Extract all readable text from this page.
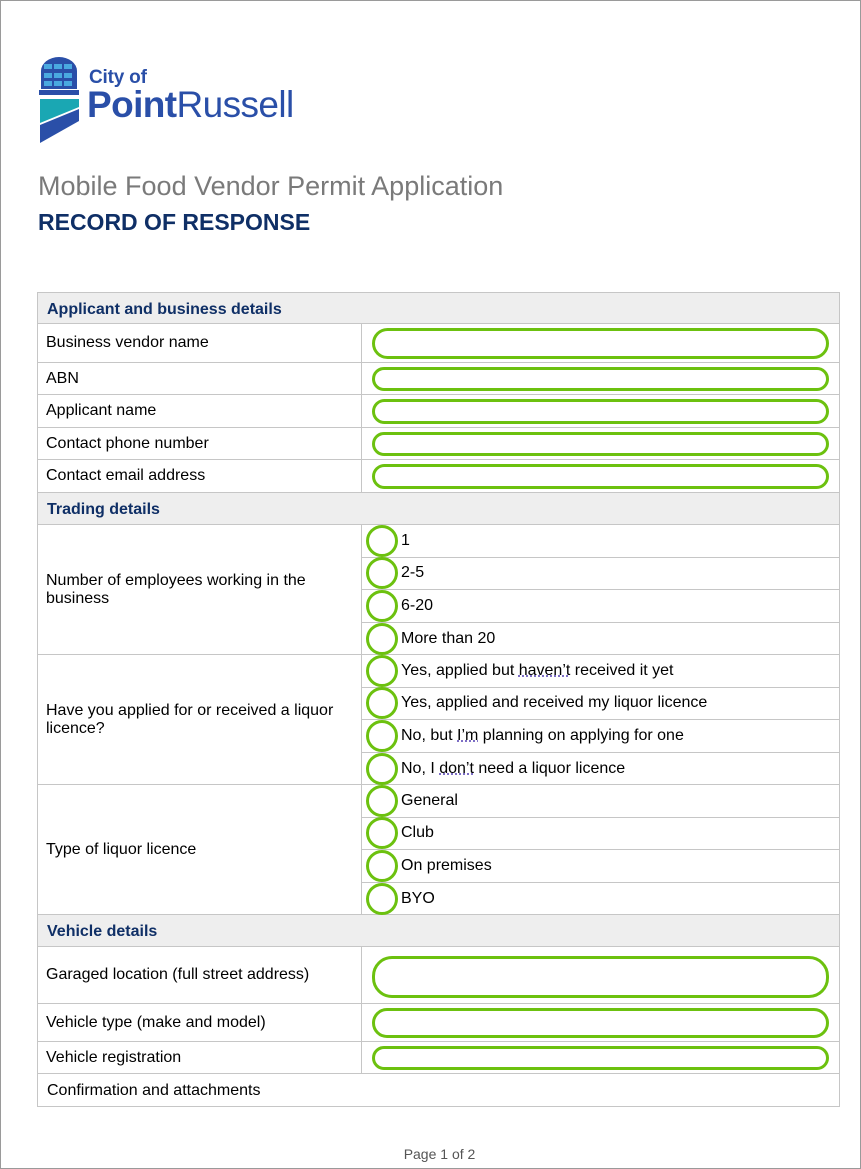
City of
PointRussell
Mobile Food Vendor Permit Application
RECORD OF RESPONSE
Applicant and business details
Business vendor name
ABN
Applicant name
Contact phone number
Contact email address
Trading details
Number of employees working in the business
1
2-5
6-20
More than 20
Have you applied for or received a liquor licence?
Yes, applied but haven’t received it yet
Yes, applied and received my liquor licence
No, but I’m planning on applying for one
No, I don’t need a liquor licence
Type of liquor licence
General
Club
On premises
BYO
Vehicle details
Garaged location (full street address)
Vehicle type (make and model)
Vehicle registration
Confirmation and attachments
Page 1 of 2
